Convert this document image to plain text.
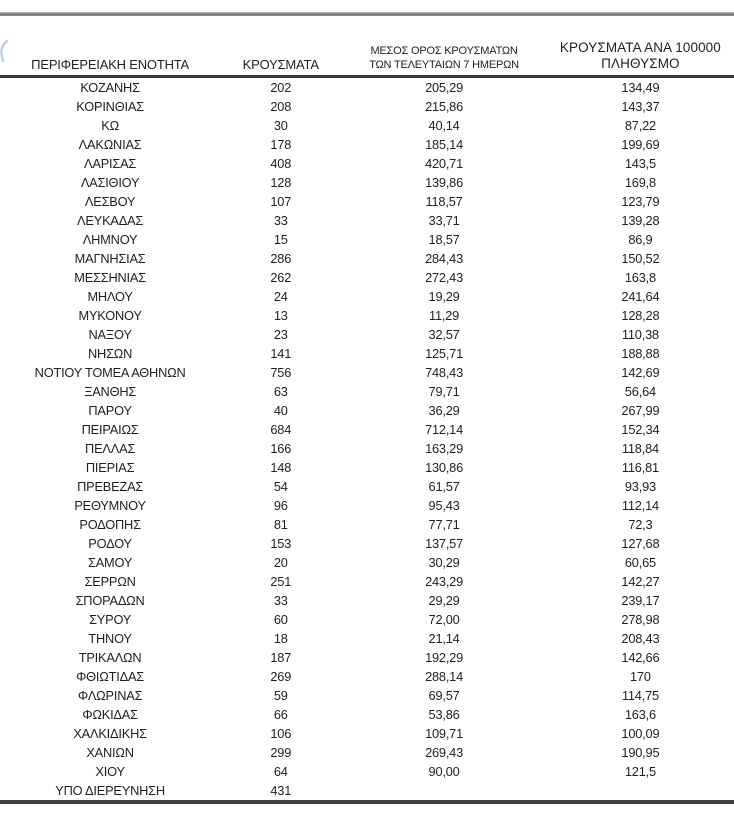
ΠΕΡΙΦΕΡΕΙΑΚΗ ΕΝΟΤΗΤΑ	ΚΡΟΥΣΜΑΤΑ	ΜΕΣΟΣ ΟΡΟΣ ΚΡΟΥΣΜΑΤΩΝ
ΤΩΝ ΤΕΛΕΥΤΑΙΩΝ 7 ΗΜΕΡΩΝ	ΚΡΟΥΣΜΑΤΑ ΑΝΑ 100000
ΠΛΗΘΥΣΜΟ
ΚΟΖΑΝΗΣ	202	205,29	134,49
ΚΟΡΙΝΘΙΑΣ	208	215,86	143,37
ΚΩ	30	40,14	87,22
ΛΑΚΩΝΙΑΣ	178	185,14	199,69
ΛΑΡΙΣΑΣ	408	420,71	143,5
ΛΑΣΙΘΙΟΥ	128	139,86	169,8
ΛΕΣΒΟΥ	107	118,57	123,79
ΛΕΥΚΑΔΑΣ	33	33,71	139,28
ΛΗΜΝΟΥ	15	18,57	86,9
ΜΑΓΝΗΣΙΑΣ	286	284,43	150,52
ΜΕΣΣΗΝΙΑΣ	262	272,43	163,8
ΜΗΛΟΥ	24	19,29	241,64
ΜΥΚΟΝΟΥ	13	11,29	128,28
ΝΑΞΟΥ	23	32,57	110,38
ΝΗΣΩΝ	141	125,71	188,88
ΝΟΤΙΟΥ ΤΟΜΕΑ ΑΘΗΝΩΝ	756	748,43	142,69
ΞΑΝΘΗΣ	63	79,71	56,64
ΠΑΡΟΥ	40	36,29	267,99
ΠΕΙΡΑΙΩΣ	684	712,14	152,34
ΠΕΛΛΑΣ	166	163,29	118,84
ΠΙΕΡΙΑΣ	148	130,86	116,81
ΠΡΕΒΕΖΑΣ	54	61,57	93,93
ΡΕΘΥΜΝΟΥ	96	95,43	112,14
ΡΟΔΟΠΗΣ	81	77,71	72,3
ΡΟΔΟΥ	153	137,57	127,68
ΣΑΜΟΥ	20	30,29	60,65
ΣΕΡΡΩΝ	251	243,29	142,27
ΣΠΟΡΑΔΩΝ	33	29,29	239,17
ΣΥΡΟΥ	60	72,00	278,98
ΤΗΝΟΥ	18	21,14	208,43
ΤΡΙΚΑΛΩΝ	187	192,29	142,66
ΦΘΙΩΤΙΔΑΣ	269	288,14	170
ΦΛΩΡΙΝΑΣ	59	69,57	114,75
ΦΩΚΙΔΑΣ	66	53,86	163,6
ΧΑΛΚΙΔΙΚΗΣ	106	109,71	100,09
ΧΑΝΙΩΝ	299	269,43	190,95
ΧΙΟΥ	64	90,00	121,5
ΥΠΟ ΔΙΕΡΕΥΝΗΣΗ	431		
